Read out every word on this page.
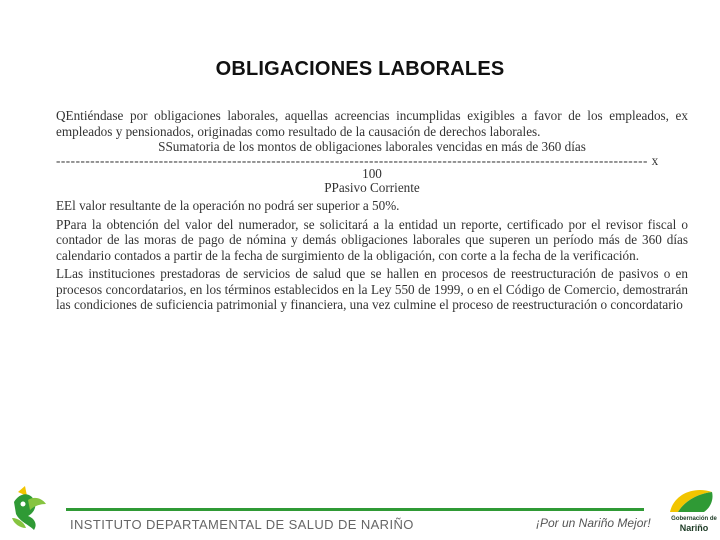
OBLIGACIONES LABORALES

QEntiéndase por obligaciones laborales, aquellas acreencias incumplidas exigibles a favor de los empleados, ex empleados y pensionados, originadas como resultado de la causación de derechos laborales.

SSumatoria de los montos de obligaciones laborales vencidas en más de 360 días

------------------------------------------------------------------------------------------------------------------------- x

100

PPasivo Corriente

EEl valor resultante de la operación no podrá ser superior a 50%.

PPara la obtención del valor del numerador, se solicitará a la entidad un reporte, certificado por el revisor fiscal o contador de las moras de pago de nómina y demás obligaciones laborales que superen un período más de 360 días calendario contados a partir de la fecha de surgimiento de la obligación, con corte a la fecha de la verificación.

LLas instituciones prestadoras de servicios de salud que se hallen en procesos de reestructuración de pasivos o en procesos concordatarios, en los términos establecidos en la Ley 550 de 1999, o en el Código de Comercio, demostrarán las condiciones de suficiencia patrimonial y financiera, una vez culmine el proceso de reestructuración o concordatario

INSTITUTO DEPARTAMENTAL DE SALUD DE NARIÑO	¡Por un Nariño Mejor!	Gobernación de
Nariño
